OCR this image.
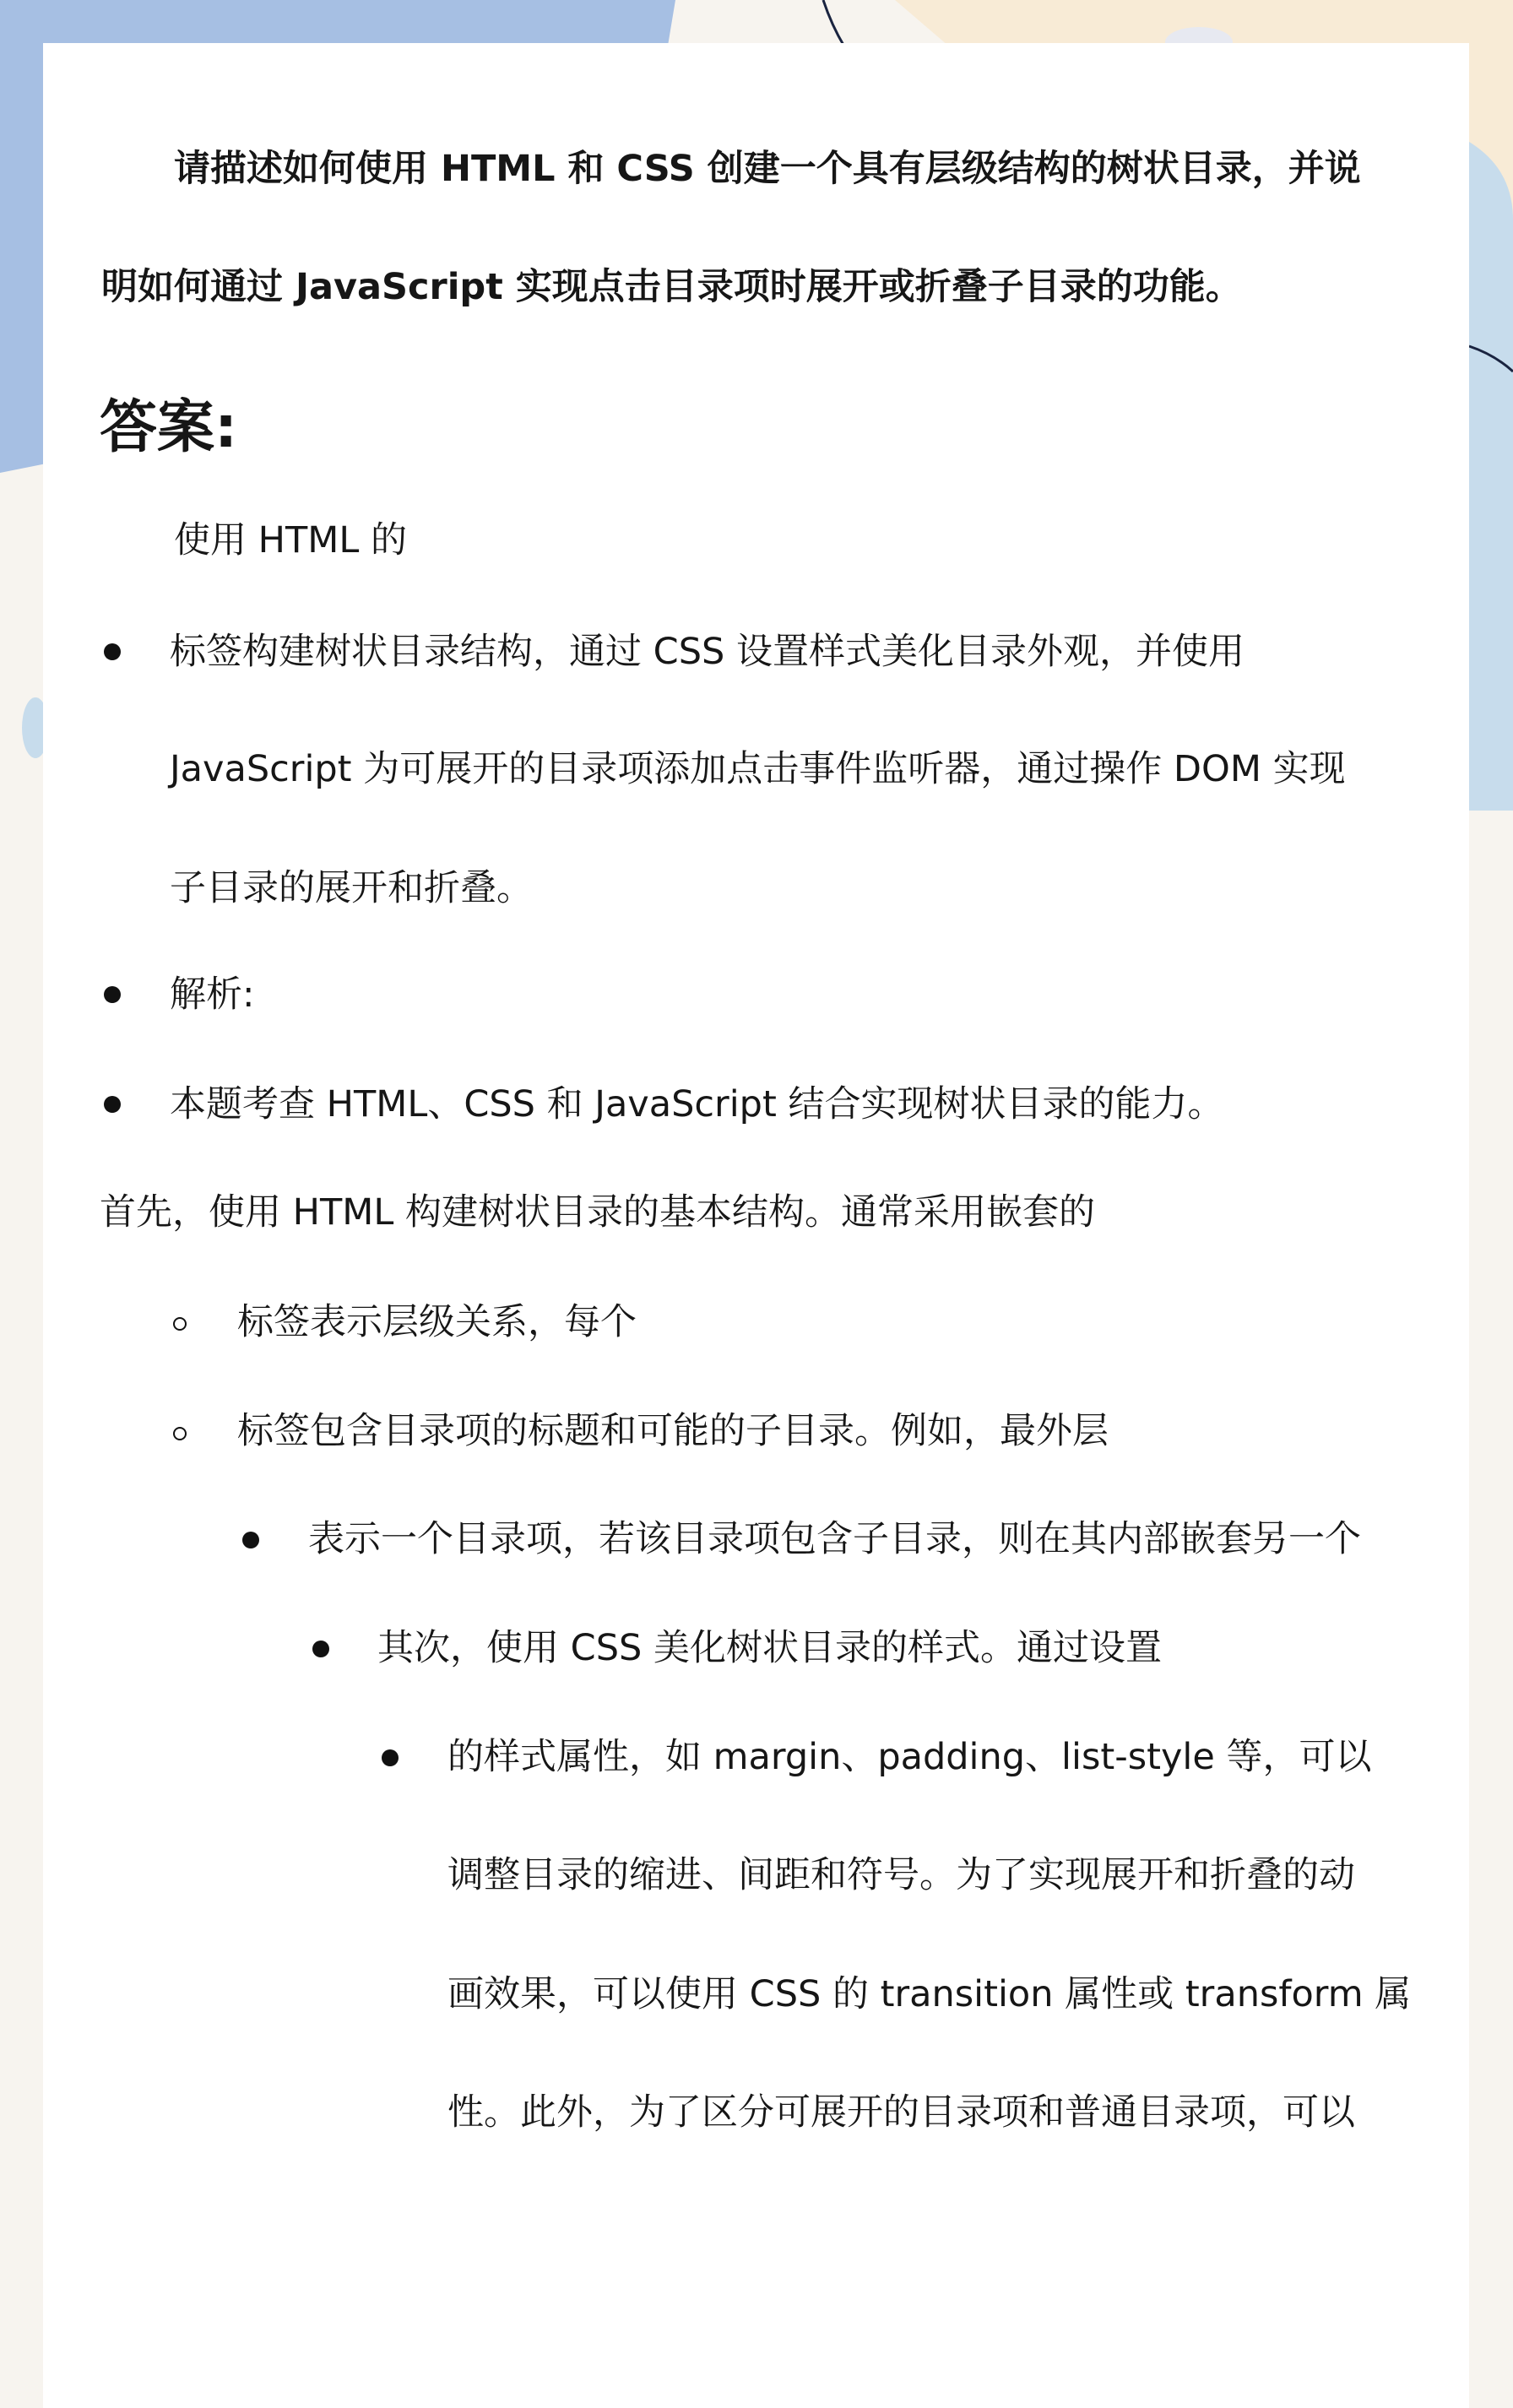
请描述如何使用 HTML 和 CSS 创建一个具有层级结构的树状目录，并说
明如何通过 JavaScript 实现点击目录项时展开或折叠子目录的功能。
答案:
使用 HTML 的
标签构建树状目录结构，通过 CSS 设置样式美化目录外观，并使用
JavaScript 为可展开的目录项添加点击事件监听器，通过操作 DOM 实现
子目录的展开和折叠。
解析:
本题考查 HTML、CSS 和 JavaScript 结合实现树状目录的能力。
首先，使用 HTML 构建树状目录的基本结构。通常采用嵌套的
标签表示层级关系，每个
标签包含目录项的标题和可能的子目录。例如，最外层
表示一个目录项，若该目录项包含子目录，则在其内部嵌套另一个
其次，使用 CSS 美化树状目录的样式。通过设置
的样式属性，如 margin、padding、list-style 等，可以
调整目录的缩进、间距和符号。为了实现展开和折叠的动
画效果，可以使用 CSS 的 transition 属性或 transform 属
性。此外，为了区分可展开的目录项和普通目录项，可以
